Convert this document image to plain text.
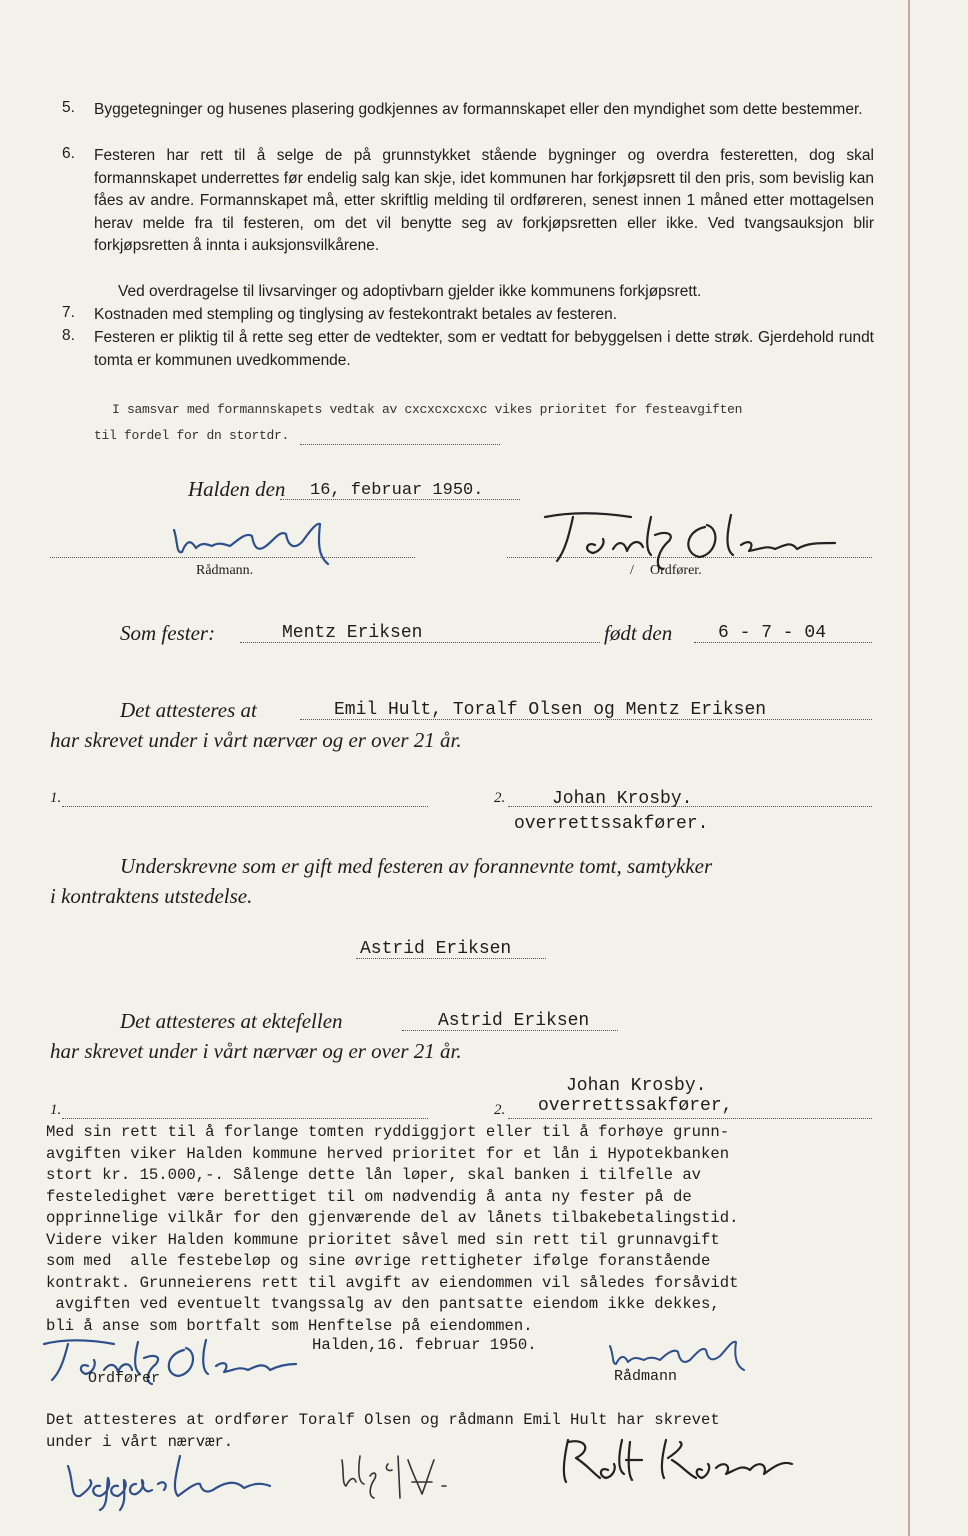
5. Byggetegninger og husenes plasering godkjennes av formannskapet eller den myndighet som dette bestemmer.
6. Festeren har rett til å selge de på grunnstykket stående bygninger og overdra festeretten, dog skal formannskapet underrettes før endelig salg kan skje, idet kommunen har forkjøpsrett til den pris, som bevislig kan fåes av andre. Formannskapet må, etter skriftlig melding til ordføreren, senest innen 1 måned etter mottagelsen herav melde fra til festeren, om det vil benytte seg av forkjøpsretten eller ikke. Ved tvangsauksjon blir forkjøpsretten å innta i auksjonsvilkårene.
Ved overdragelse til livsarvinger og adoptivbarn gjelder ikke kommunens forkjøpsrett.
7. Kostnaden med stempling og tinglysing av festekontrakt betales av festeren.
8. Festeren er pliktig til å rette seg etter de vedtekter, som er vedtatt for bebyggelsen i dette strøk. Gjerdehold rundt tomta er kommunen uvedkommende.
I samsvar med formannskapets vedtak av cxcxcxcxcxc vikes prioritet for festeavgiften
til fordel for dn stortdr.
Halden den 16, februar 1950.
Rådmann.	/ Ordfører.
Som fester:	Mentz Eriksen	født den	6 - 7 - 04
Det attesteres at	Emil Hult, Toralf Olsen og Mentz Eriksen
har skrevet under i vårt nærvær og er over 21 år.
1.	2.	Johan Krosby.
overrettssakfører.
Underskrevne som er gift med festeren av forannevnte tomt, samtykker
i kontraktens utstedelse.
Astrid Eriksen
Det attesteres at ektefellen	Astrid Eriksen
har skrevet under i vårt nærvær og er over 21 år.
Johan Krosby.
overrettssakfører,
1.	2.
Med sin rett til å forlange tomten ryddiggjort eller til å forhøye grunn-
avgiften viker Halden kommune herved prioritet for et lån i Hypotekbanken
stort kr. 15.000,-. Sålenge dette lån løper, skal banken i tilfelle av
festeledighet være berettiget til om nødvendig å anta ny fester på de
opprinnelige vilkår for den gjenværende del av lånets tilbakebetalingstid.
Videre viker Halden kommune prioritet såvel med sin rett til grunnavgift
som med  alle festebeløp og sine øvrige rettigheter ifølge foranstående
kontrakt. Grunneierens rett til avgift av eiendommen vil således forsåvidt
avgiften ved eventuelt tvangssalg av den pantsatte eiendom ikke dekkes,
bli å anse som bortfalt som Henftelse på eiendommen.
Halden,16. februar 1950.
Ordfører	Rådmann
Det attesteres at ordfører Toralf Olsen og rådmann Emil Hult har skrevet
under i vårt nærvær.
